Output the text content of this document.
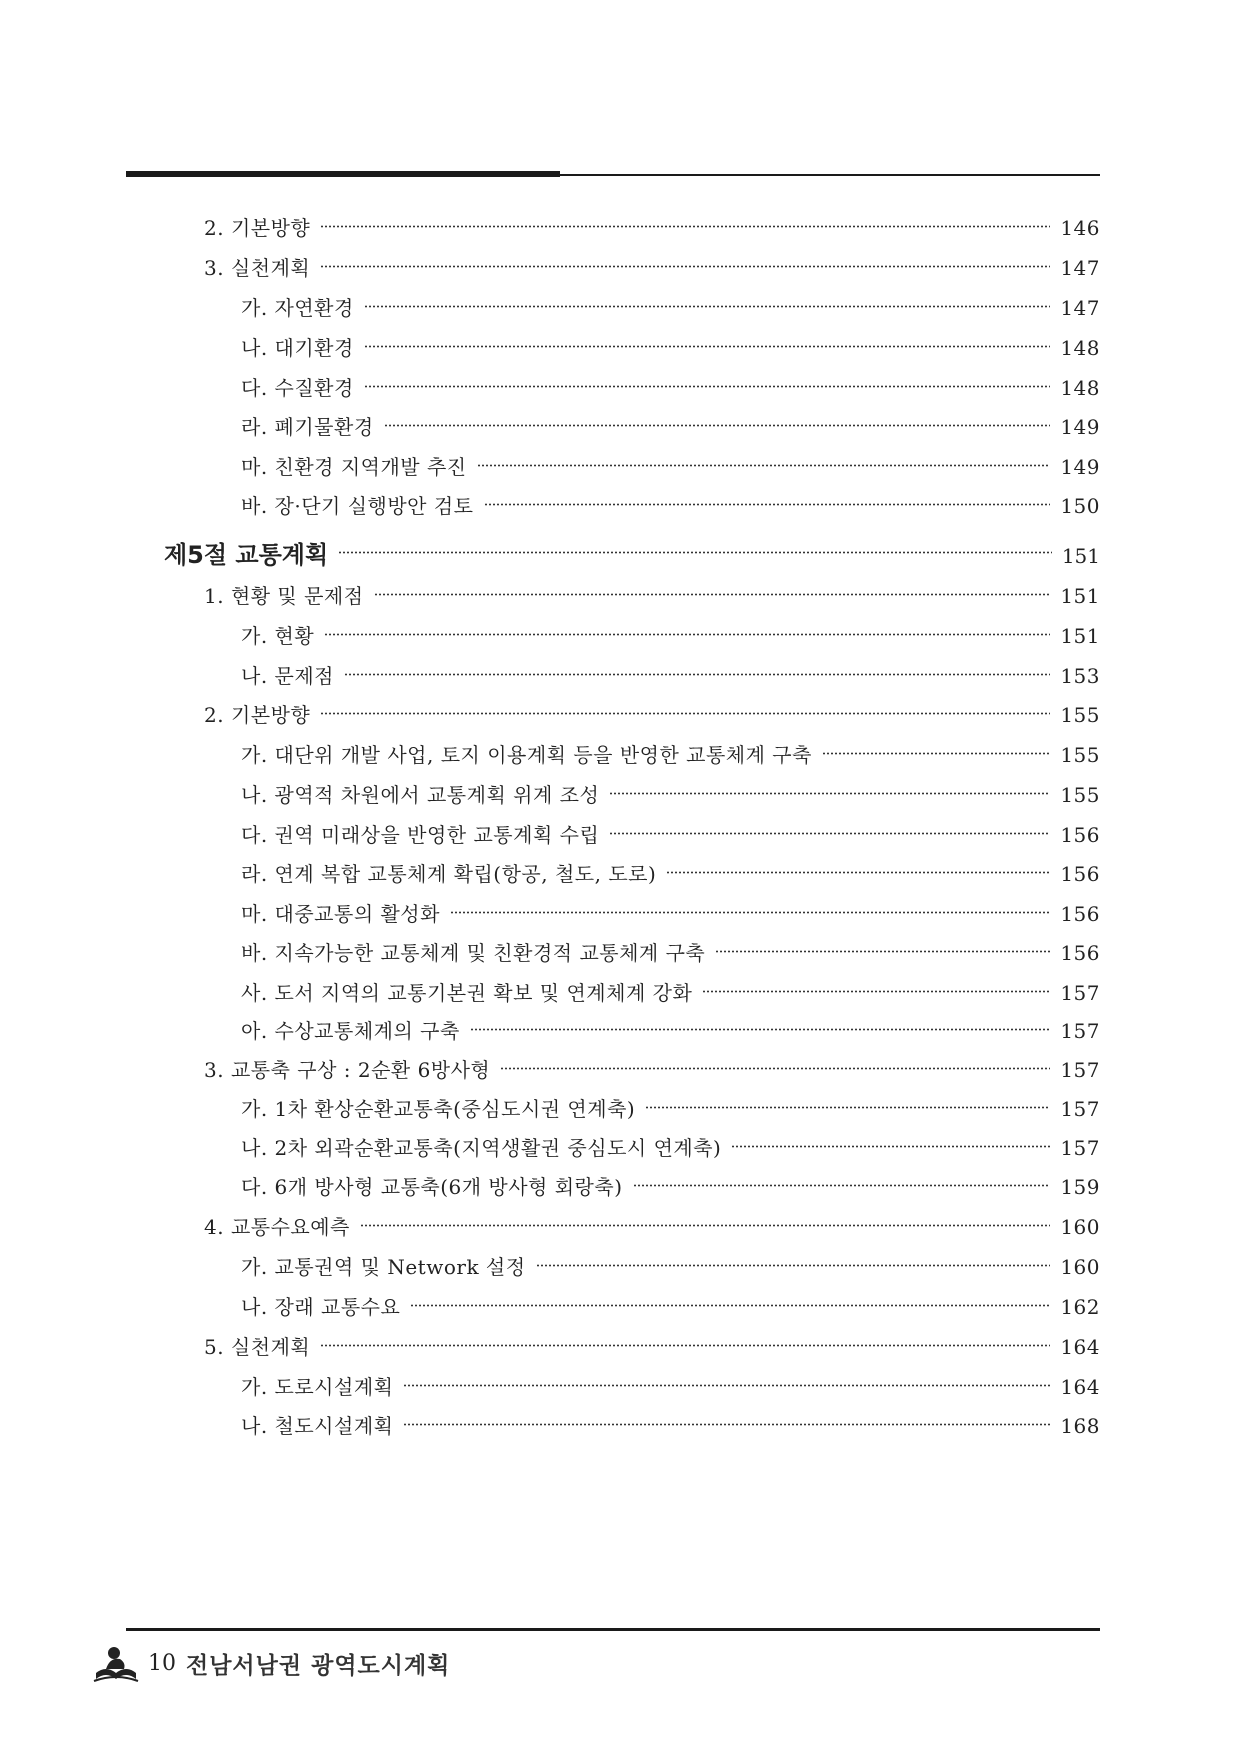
2. 기본방향	146
3. 실천계획	147
가. 자연환경	147
나. 대기환경	148
다. 수질환경	148
라. 폐기물환경	149
마. 친환경 지역개발 추진	149
바. 장·단기 실행방안 검토	150
제5절 교통계획	151
1. 현황 및 문제점	151
가. 현황	151
나. 문제점	153
2. 기본방향	155
가. 대단위 개발 사업, 토지 이용계획 등을 반영한 교통체계 구축	155
나. 광역적 차원에서 교통계획 위계 조성	155
다. 권역 미래상을 반영한 교통계획 수립	156
라. 연계 복합 교통체계 확립(항공, 철도, 도로)	156
마. 대중교통의 활성화	156
바. 지속가능한 교통체계 및 친환경적 교통체계 구축	156
사. 도서 지역의 교통기본권 확보 및 연계체계 강화	157
아. 수상교통체계의 구축	157
3. 교통축 구상 : 2순환 6방사형	157
가. 1차 환상순환교통축(중심도시권 연계축)	157
나. 2차 외곽순환교통축(지역생활권 중심도시 연계축)	157
다. 6개 방사형 교통축(6개 방사형 회랑축)	159
4. 교통수요예측	160
가. 교통권역 및 Network 설정	160
나. 장래 교통수요	162
5. 실천계획	164
가. 도로시설계획	164
나. 철도시설계획	168
10 전남서남권 광역도시계획
